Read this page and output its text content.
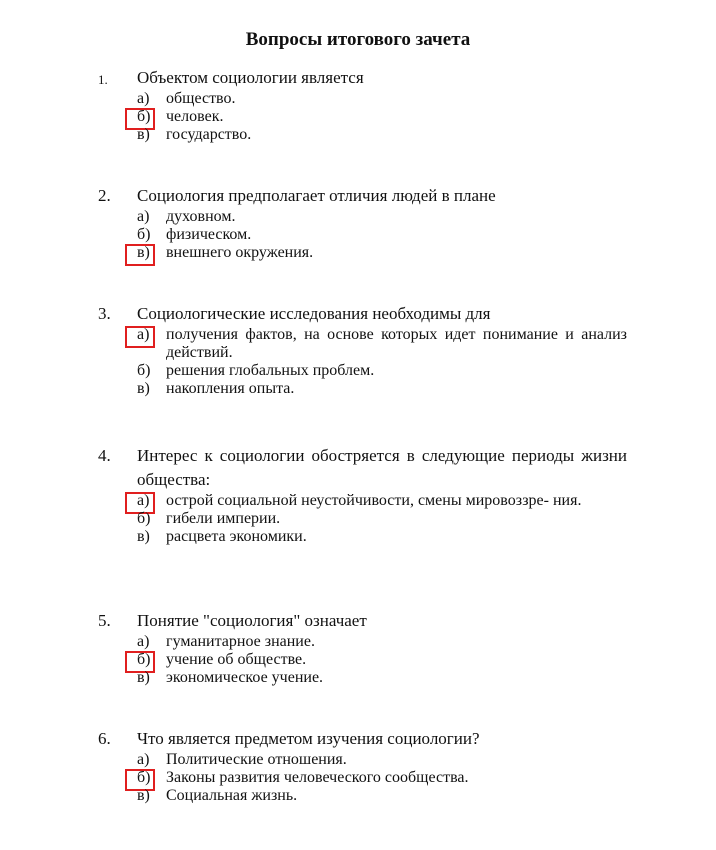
Вопросы итогового зачета
1. Объектом социологии является
а)	общество.
б) человек.
в)	государство.
2. Социология предполагает отличия людей в плане
а)	духовном.
б) физическом.
в)	внешнего окружения.
3. Социологические исследования необходимы для
а)	получения фактов, на основе которых идет понимание и анализ действий.
б) решения глобальных проблем.
в)	накопления опыта.
4. Интерес к социологии обостряется в следующие периоды жизни общества:
а)	острой социальной неустойчивости, смены мировоззре- ния.
б) гибели империи.
в)	расцвета экономики.
5. Понятие "социология" означает
а)	гуманитарное знание.
б) учение об обществе.
в)	экономическое учение.
6. Что является предметом изучения социологии?
а)	Политические отношения.
б) Законы развития человеческого сообщества.
в)	Социальная жизнь.
